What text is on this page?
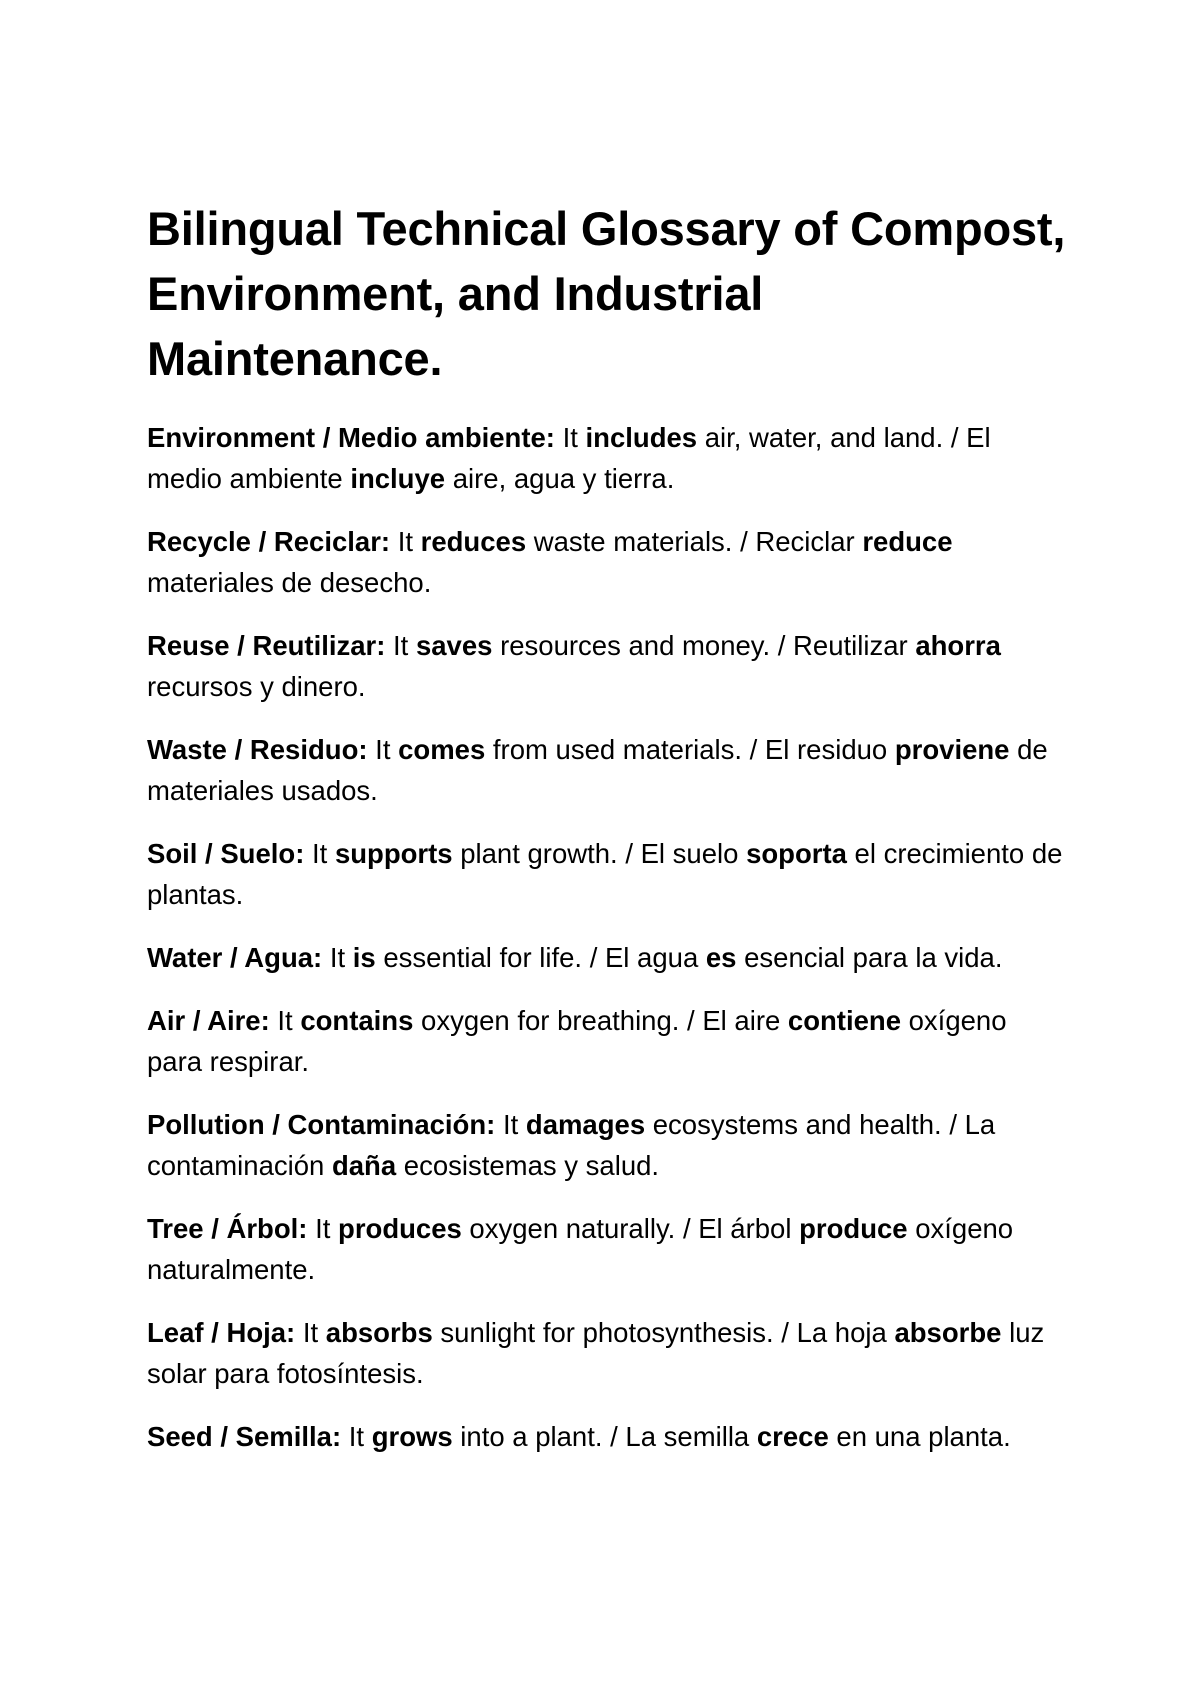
Bilingual Technical Glossary of Compost, Environment, and Industrial Maintenance.

Environment / Medio ambiente: It includes air, water, and land. / El medio ambiente incluye aire, agua y tierra.

Recycle / Reciclar: It reduces waste materials. / Reciclar reduce materiales de desecho.

Reuse / Reutilizar: It saves resources and money. / Reutilizar ahorra recursos y dinero.

Waste / Residuo: It comes from used materials. / El residuo proviene de materiales usados.

Soil / Suelo: It supports plant growth. / El suelo soporta el crecimiento de plantas.

Water / Agua: It is essential for life. / El agua es esencial para la vida.

Air / Aire: It contains oxygen for breathing. / El aire contiene oxígeno para respirar.

Pollution / Contaminación: It damages ecosystems and health. / La contaminación daña ecosistemas y salud.

Tree / Árbol: It produces oxygen naturally. / El árbol produce oxígeno naturalmente.

Leaf / Hoja: It absorbs sunlight for photosynthesis. / La hoja absorbe luz solar para fotosíntesis.

Seed / Semilla: It grows into a plant. / La semilla crece en una planta.
